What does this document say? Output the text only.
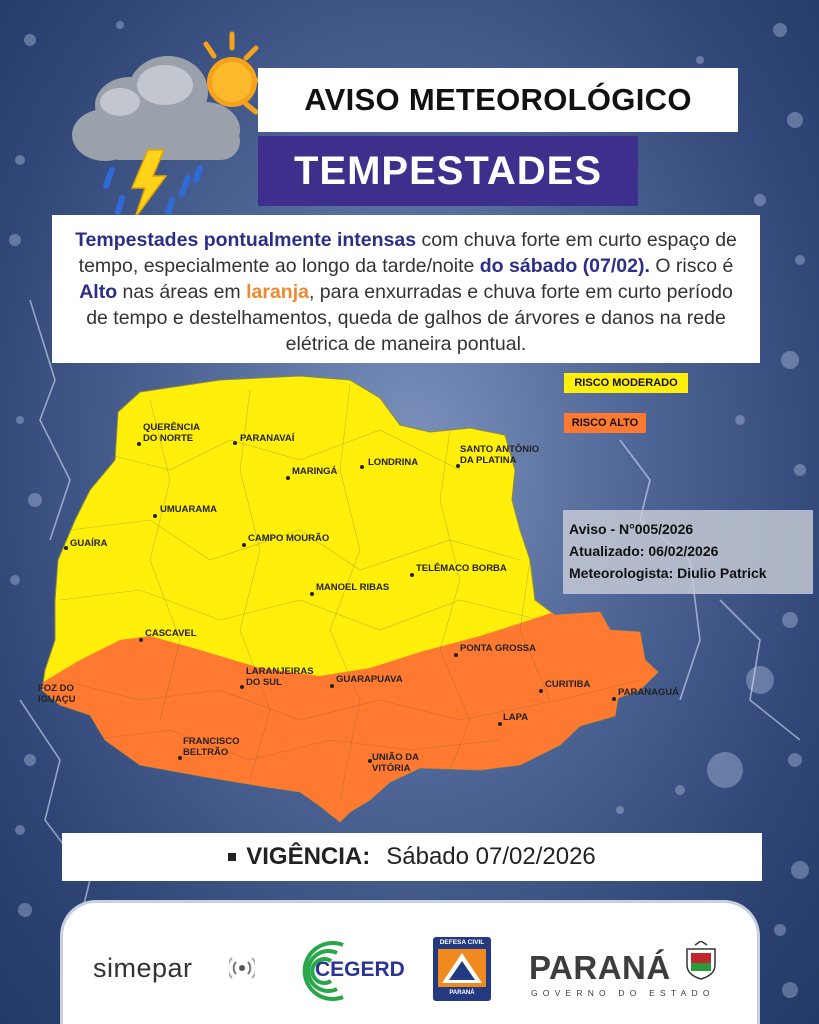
AVISO METEOROLÓGICO
TEMPESTADES
Tempestades pontualmente intensas com chuva forte em curto espaço de tempo, especialmente ao longo da tarde/noite do sábado (07/02). O risco é Alto nas áreas em laranja, para enxurradas e chuva forte em curto período de tempo e destelhamentos, queda de galhos de árvores e danos na rede elétrica de maneira pontual.
RISCO MODERADO
RISCO ALTO
QUERÊNCIA
DO NORTE	PARANAVAÍ
MARINGÁ
LONDRINA
SANTO ANTÔNIO
DA PLATINA
UMUARAMA
GUAÍRA	CAMPO MOURÃO
TELÊMACO BORBA
MANOEL RIBAS
CASCAVEL
PONTA GROSSA
LARANJEIRAS
DO SUL	GUARAPUAVA	CURITIBA
PARANAGUÁ
FOZ DO
IGUAÇU
LAPA
FRANCISCO
BELTRÃO	UNIÃO DA
VITÓRIA
Aviso - N°005/2026
Atualizado: 06/02/2026
Meteorologista: Diulio Patrick
VIGÊNCIA: Sábado 07/02/2026
simepar	CEGERD
DEFESA CIVIL
PARANÁ
PARANÁ
GOVERNO DO ESTADO
